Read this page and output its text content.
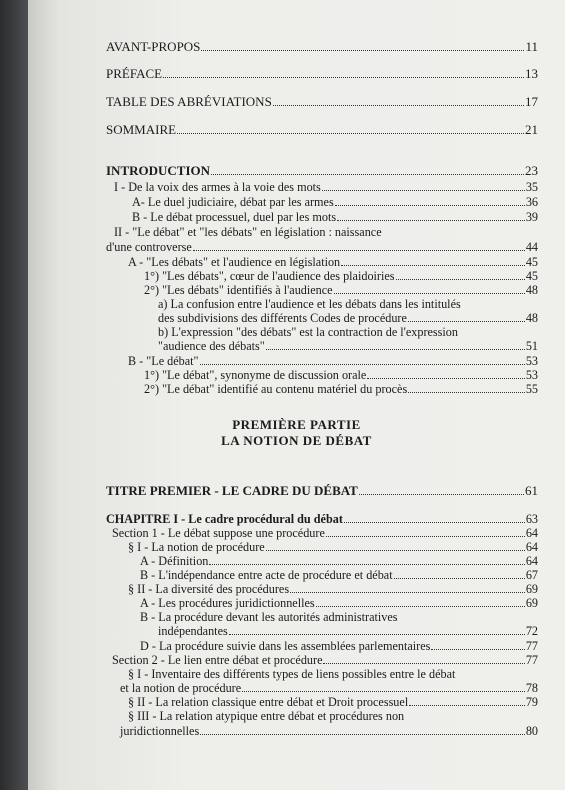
AVANT-PROPOS	11
PRÉFACE	13
TABLE DES ABRÉVIATIONS	17
SOMMAIRE	21
INTRODUCTION	23
I - De la voix des armes à la voie des mots	35
A- Le duel judiciaire, débat par les armes	36
B - Le débat processuel, duel par les mots	39
II - "Le débat" et "les débats" en législation : naissance
d'une controverse	44
A - "Les débats" et l'audience en législation	45
1°) "Les débats", cœur de l'audience des plaidoiries	45
2°) "Les débats" identifiés à l'audience	48
a) La confusion entre l'audience et les débats dans les intitulés
des subdivisions des différents Codes de procédure	48
b) L'expression "des débats" est la contraction de l'expression
"audience des débats"	51
B - "Le débat"	53
1°) "Le débat", synonyme de discussion orale	53
2°) "Le débat" identifié au contenu matériel du procès	55
PREMIÈRE PARTIE
LA NOTION DE DÉBAT
TITRE PREMIER - LE CADRE DU DÉBAT	61
CHAPITRE I - Le cadre procédural du débat	63
Section 1 - Le débat suppose une procédure	64
§ I - La notion de procédure	64
A - Définition	64
B - L'indépendance entre acte de procédure et débat	67
§ II - La diversité des procédures	69
A - Les procédures juridictionnelles	69
B - La procédure devant les autorités administratives
indépendantes	72
D - La procédure suivie dans les assemblées parlementaires	77
Section 2 - Le lien entre débat et procédure	77
§ I - Inventaire des différents types de liens possibles entre le débat
et la notion de procédure	78
§ II - La relation classique entre débat et Droit processuel	79
§ III - La relation atypique entre débat et procédures non
juridictionnelles	80
